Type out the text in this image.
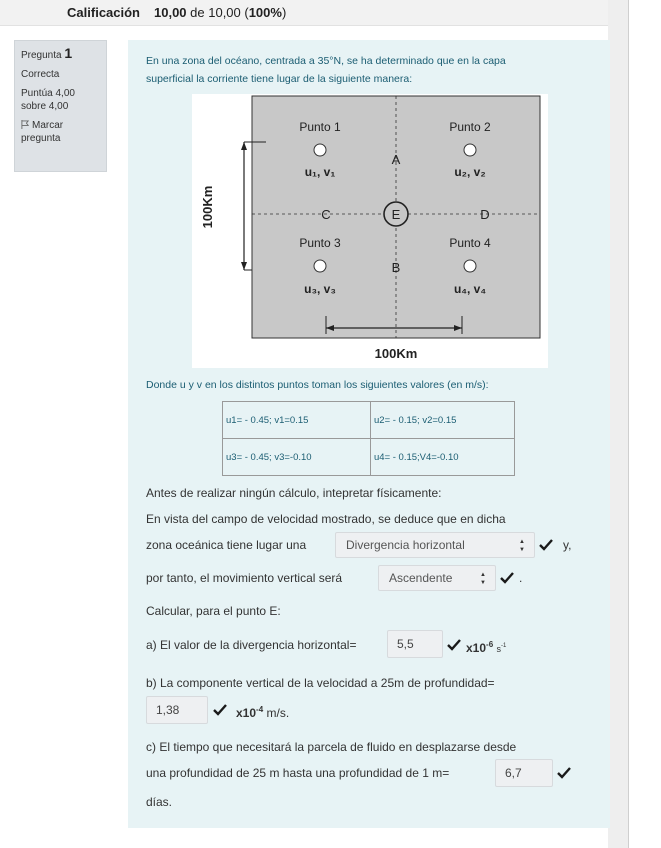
Calificación 10,00 de 10,00 (100%)
Pregunta 1
Correcta
Puntúa 4,00
sobre 4,00
Marcar
pregunta
En una zona del océano, centrada a 35°N, se ha determinado que en la capa
superficial la corriente tiene lugar de la siguiente manera:
Punto 1	Punto 2
Punto 3	Punto 4
u₁, v₁	u₂, v₂
u₃, v₃	u₄, v₄
A
B
C	D
E
100Km
100Km
Donde u y v en los distintos puntos toman los siguientes valores (en m/s):
u1= - 0.45; v1=0.15	u2= - 0.15; v2=0.15
u3= - 0.45; v3=-0.10	u4= - 0.15;V4=-0.10
Antes de realizar ningún cálculo, intepretar físicamente:
En vista del campo de velocidad mostrado, se deduce que en dicha
zona oceánica tiene lugar una	Divergencia horizontal	▲
▼	y,
por tanto, el movimiento vertical será	Ascendente	▲
▼	.
Calcular, para el punto E:
a) El valor de la divergencia horizontal=	5,5	$x10^{-6}$ $s^{-1}$
b) La componente vertical de la velocidad a 25m de profundidad=
1,38	$x10^{-4}$ m/s.
c) El tiempo que necesitará la parcela de fluido en desplazarse desde
una profundidad de 25 m hasta una profundidad de 1 m=	6,7
días.
